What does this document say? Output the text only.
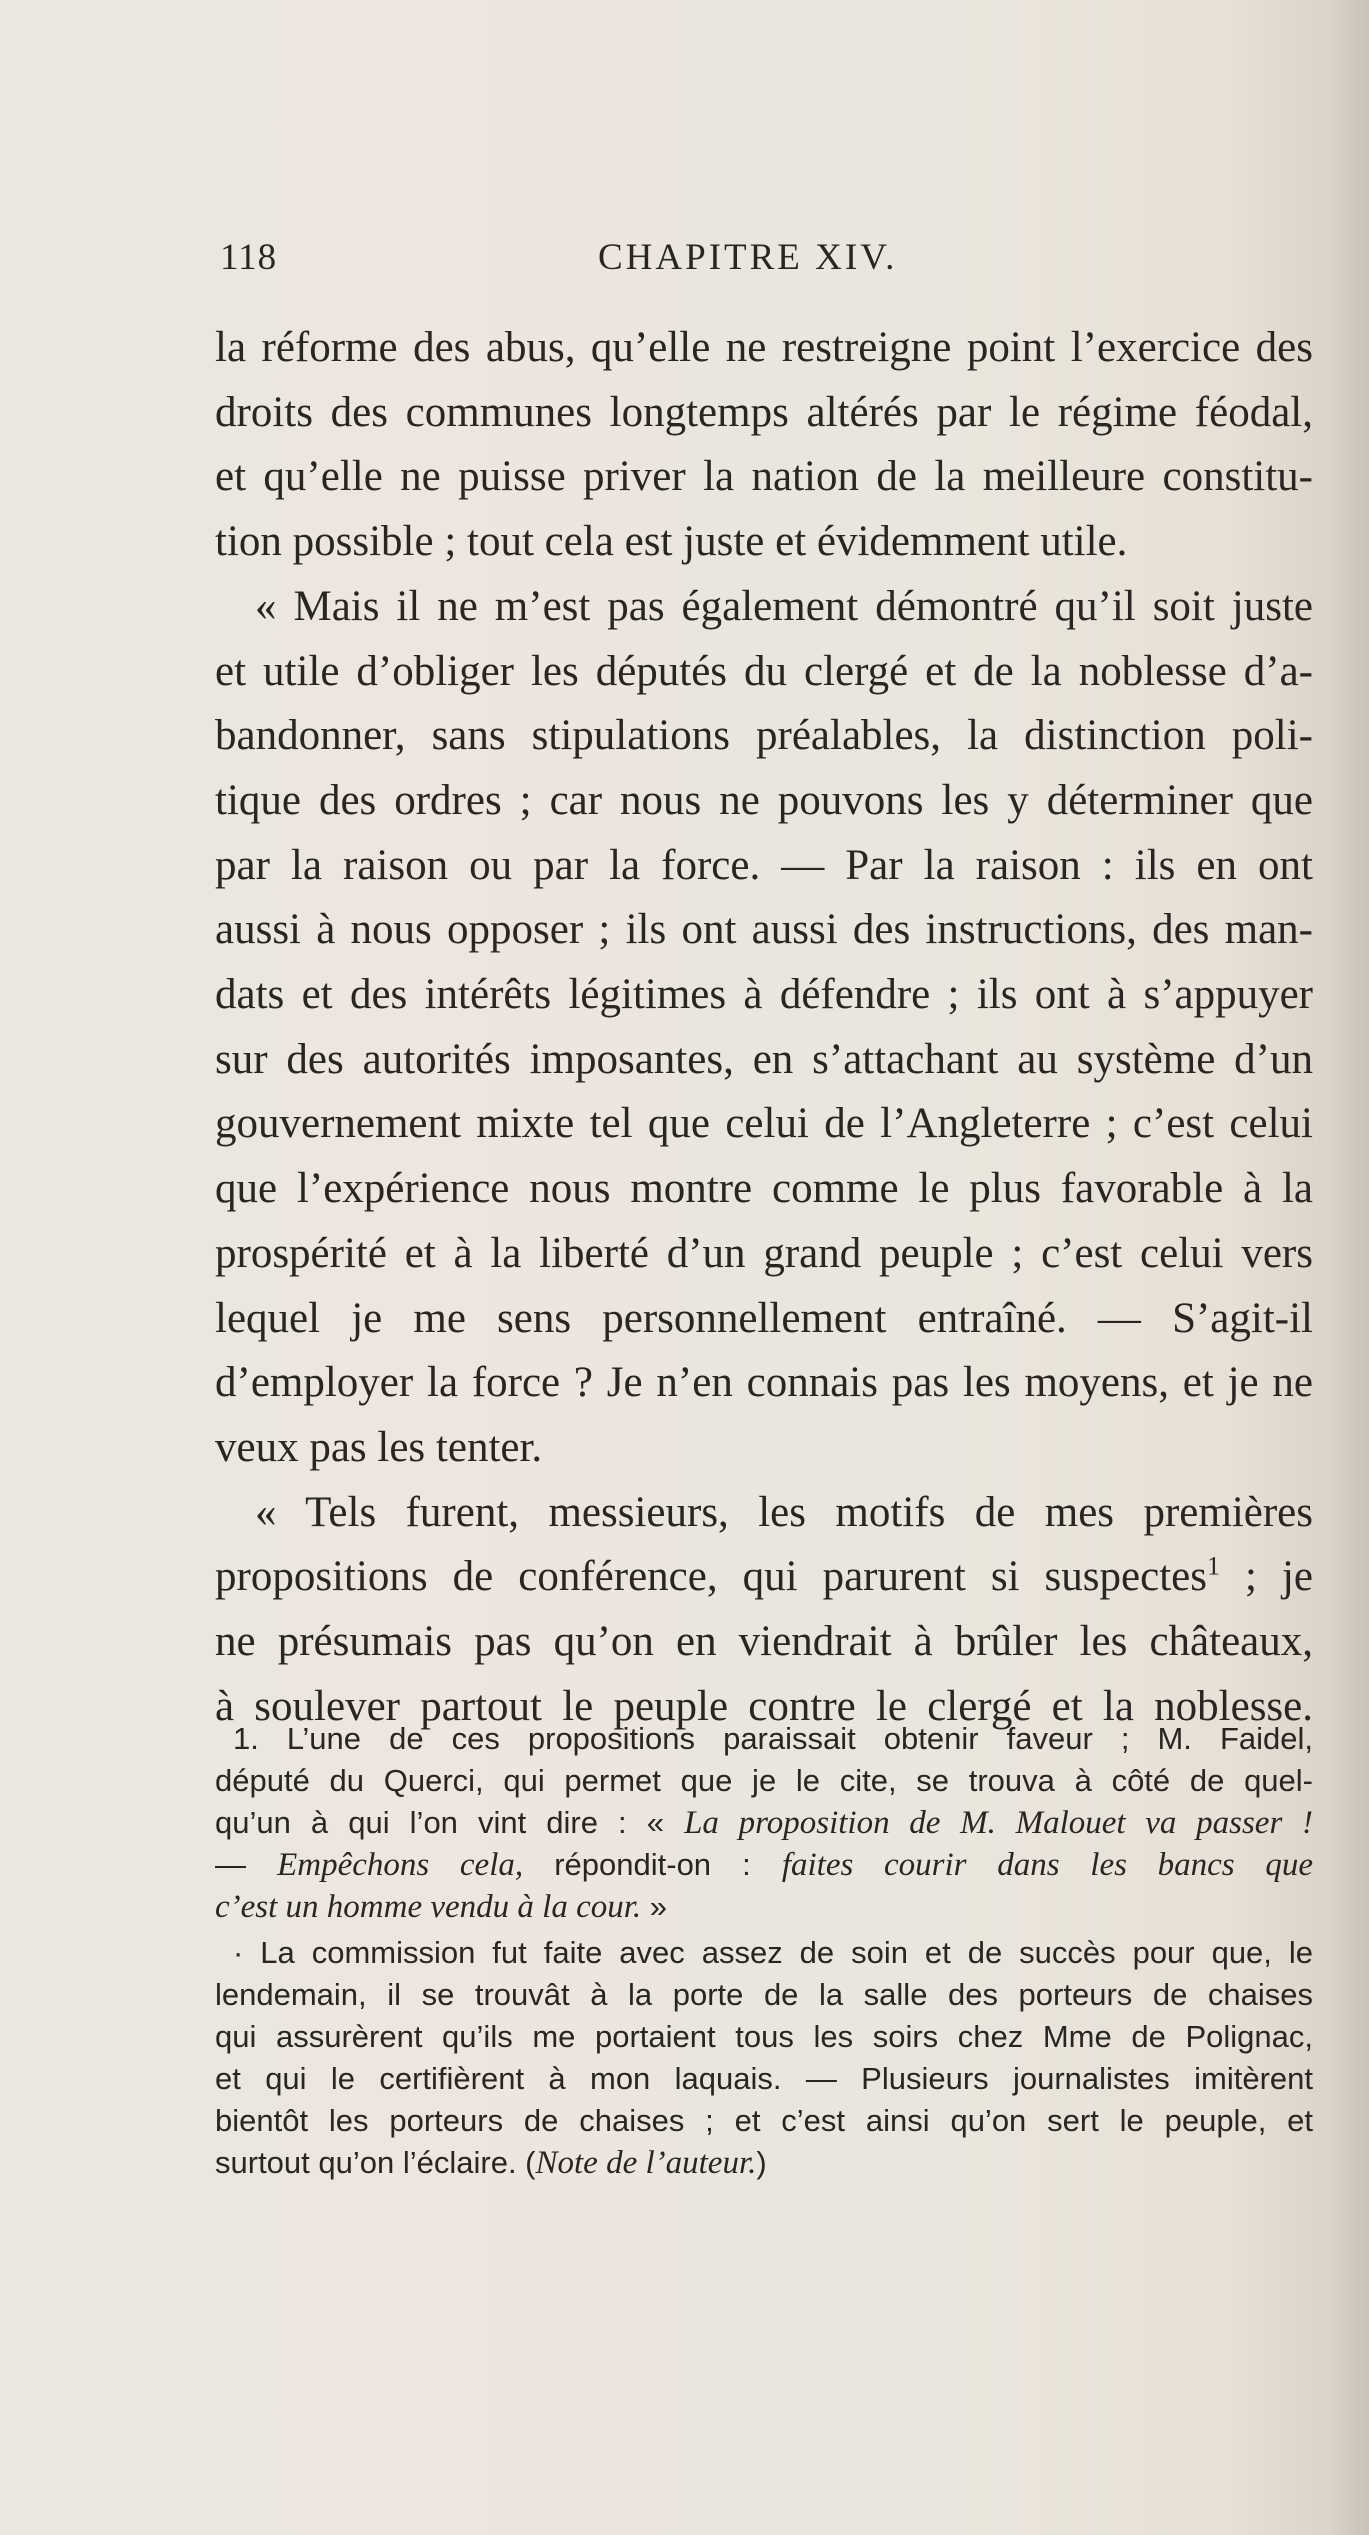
118	CHAPITRE XIV.
la réforme des abus, qu’elle ne restreigne point l’exercice des
droits des communes longtemps altérés par le régime féodal,
et qu’elle ne puisse priver la nation de la meilleure constitu-
tion possible ; tout cela est juste et évidemment utile.
« Mais il ne m’est pas également démontré qu’il soit juste
et utile d’obliger les députés du clergé et de la noblesse d’a-
bandonner, sans stipulations préalables, la distinction poli-
tique des ordres ; car nous ne pouvons les y déterminer que
par la raison ou par la force. — Par la raison : ils en ont
aussi à nous opposer ; ils ont aussi des instructions, des man-
dats et des intérêts légitimes à défendre ; ils ont à s’appuyer
sur des autorités imposantes, en s’attachant au système d’un
gouvernement mixte tel que celui de l’Angleterre ; c’est celui
que l’expérience nous montre comme le plus favorable à la
prospérité et à la liberté d’un grand peuple ; c’est celui vers
lequel je me sens personnellement entraîné. — S’agit-il
d’employer la force ? Je n’en connais pas les moyens, et je ne
veux pas les tenter.
« Tels furent, messieurs, les motifs de mes premières
propositions de conférence, qui parurent si suspectes$^1$ ; je
ne présumais pas qu’on en viendrait à brûler les châteaux,
à soulever partout le peuple contre le clergé et la noblesse.
1. L’une de ces propositions paraissait obtenir faveur ; M. Faidel,
député du Querci, qui permet que je le cite, se trouva à côté de quel-
qu’un à qui l’on vint dire : « La proposition de M. Malouet va passer !
— Empêchons cela, répondit-on : faites courir dans les bancs que
c’est un homme vendu à la cour. »
· La commission fut faite avec assez de soin et de succès pour que, le
lendemain, il se trouvât à la porte de la salle des porteurs de chaises
qui assurèrent qu’ils me portaient tous les soirs chez Mme de Polignac,
et qui le certifièrent à mon laquais. — Plusieurs journalistes imitèrent
bientôt les porteurs de chaises ; et c’est ainsi qu’on sert le peuple, et
surtout qu’on l’éclaire. (Note de l’auteur.)
